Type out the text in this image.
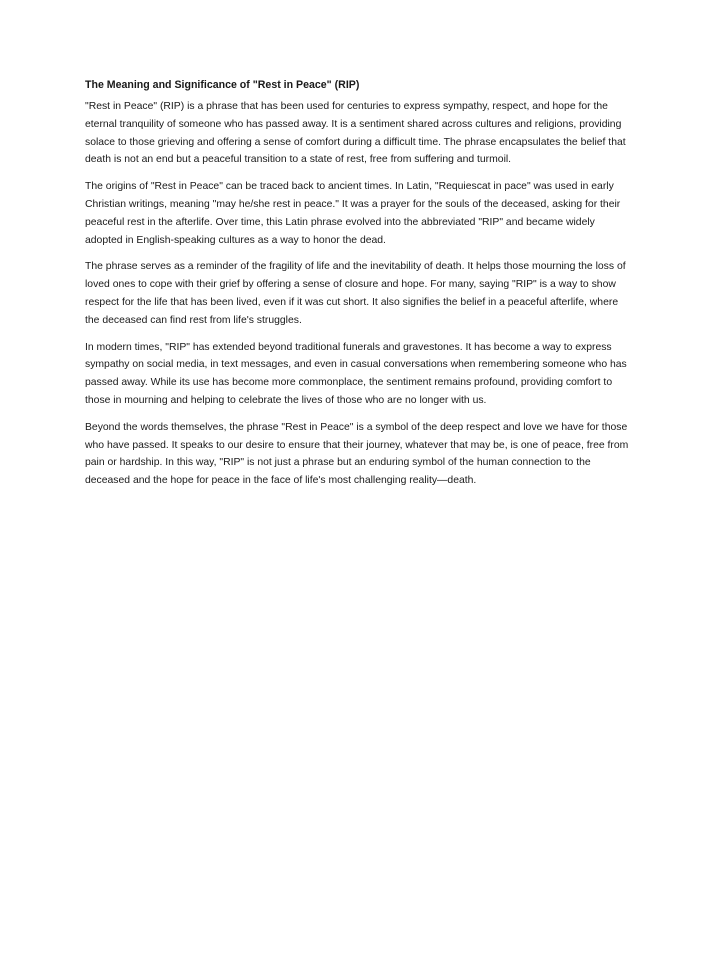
The Meaning and Significance of "Rest in Peace" (RIP)

"Rest in Peace" (RIP) is a phrase that has been used for centuries to express sympathy, respect, and hope for the eternal tranquility of someone who has passed away. It is a sentiment shared across cultures and religions, providing solace to those grieving and offering a sense of comfort during a difficult time. The phrase encapsulates the belief that death is not an end but a peaceful transition to a state of rest, free from suffering and turmoil.

The origins of "Rest in Peace" can be traced back to ancient times. In Latin, "Requiescat in pace" was used in early Christian writings, meaning "may he/she rest in peace." It was a prayer for the souls of the deceased, asking for their peaceful rest in the afterlife. Over time, this Latin phrase evolved into the abbreviated "RIP" and became widely adopted in English-speaking cultures as a way to honor the dead.

The phrase serves as a reminder of the fragility of life and the inevitability of death. It helps those mourning the loss of loved ones to cope with their grief by offering a sense of closure and hope. For many, saying "RIP" is a way to show respect for the life that has been lived, even if it was cut short. It also signifies the belief in a peaceful afterlife, where the deceased can find rest from life's struggles.

In modern times, "RIP" has extended beyond traditional funerals and gravestones. It has become a way to express sympathy on social media, in text messages, and even in casual conversations when remembering someone who has passed away. While its use has become more commonplace, the sentiment remains profound, providing comfort to those in mourning and helping to celebrate the lives of those who are no longer with us.

Beyond the words themselves, the phrase "Rest in Peace" is a symbol of the deep respect and love we have for those who have passed. It speaks to our desire to ensure that their journey, whatever that may be, is one of peace, free from pain or hardship. In this way, "RIP" is not just a phrase but an enduring symbol of the human connection to the deceased and the hope for peace in the face of life's most challenging reality—death.
